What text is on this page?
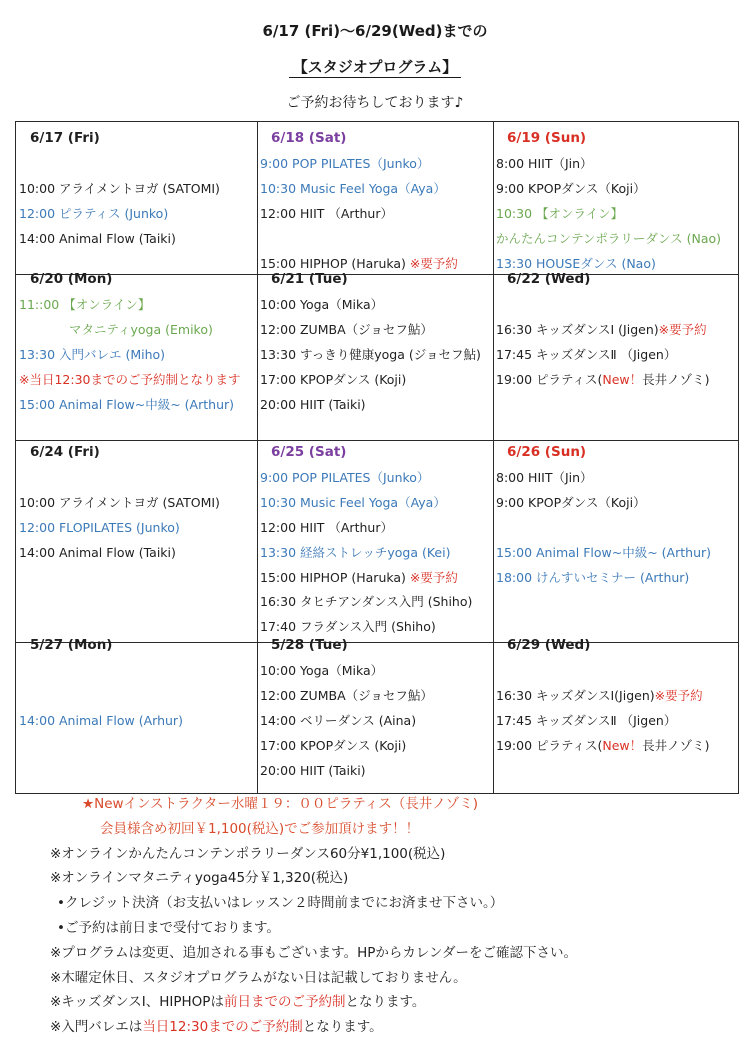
6/17 (Fri)〜6/29(Wed)までの
【スタジオプログラム】
ご予約お待ちしております♪
6/17 (Fri)
10:00 アライメントヨガ (SATOMI)
12:00 ピラティス (Junko)
14:00 Animal Flow (Taiki)
6/18 (Sat)
9:00 POP PILATES（Junko）
10:30 Music Feel Yoga（Aya）
12:00 HIIT （Arthur）
15:00 HIPHOP (Haruka) ※要予約
6/19 (Sun)
8:00 HIIT（Jin）
9:00 KPOPダンス（Koji）
10:30 【オンライン】
かんたんコンテンポラリーダンス (Nao)
13:30 HOUSEダンス (Nao)
6/20 (Mon)
11::00 【オンライン】
マタニティyoga (Emiko)
13:30 入門バレエ (Miho)
※当日12:30までのご予約制となります
15:00 Animal Flow~中級~ (Arthur)
6/21 (Tue)
10:00 Yoga（Mika）
12:00 ZUMBA（ジョセフ鮎）
13:30 すっきり健康yoga (ジョセフ鮎)
17:00 KPOPダンス (Koji)
20:00 HIIT (Taiki)
6/22 (Wed)
16:30 キッズダンスⅠ (Jigen)※要予約
17:45 キッズダンスⅡ （Jigen）
19:00 ピラティス(New！長井ノゾミ)
6/24 (Fri)
10:00 アライメントヨガ (SATOMI)
12:00 FLOPILATES (Junko)
14:00 Animal Flow (Taiki)
6/25 (Sat)
9:00 POP PILATES（Junko）
10:30 Music Feel Yoga（Aya）
12:00 HIIT （Arthur）
13:30 経絡ストレッチyoga (Kei)
15:00 HIPHOP (Haruka) ※要予約
16:30 タヒチアンダンス入門 (Shiho)
17:40 フラダンス入門 (Shiho)
6/26 (Sun)
8:00 HIIT（Jin）
9:00 KPOPダンス（Koji）
15:00 Animal Flow~中級~ (Arthur)
18:00 けんすいセミナー (Arthur)
5/27 (Mon)
14:00 Animal Flow (Arhur)
5/28 (Tue)
10:00 Yoga（Mika）
12:00 ZUMBA（ジョセフ鮎）
14:00 ベリーダンス (Aina)
17:00 KPOPダンス (Koji)
20:00 HIIT (Taiki)
6/29 (Wed)
16:30 キッズダンスⅠ(Jigen)※要予約
17:45 キッズダンスⅡ （Jigen）
19:00 ピラティス(New！長井ノゾミ)
★Newインストラクター水曜１９：００ピラティス（長井ノゾミ)
会員様含め初回￥1,100(税込)でご参加頂けます！！
※オンラインかんたんコンテンポラリーダンス60分¥1,100(税込)
※オンラインマタニティyoga45分￥1,320(税込)
•クレジット決済（お支払いはレッスン２時間前までにお済ませ下さい。）
•ご予約は前日まで受付ております。
※プログラムは変更、追加される事もございます。HPからカレンダーをご確認下さい。
※木曜定休日、スタジオプログラムがない日は記載しておりません。
※キッズダンスⅠ、HIPHOPは前日までのご予約制となります。
※入門バレエは当日12:30までのご予約制となります。
